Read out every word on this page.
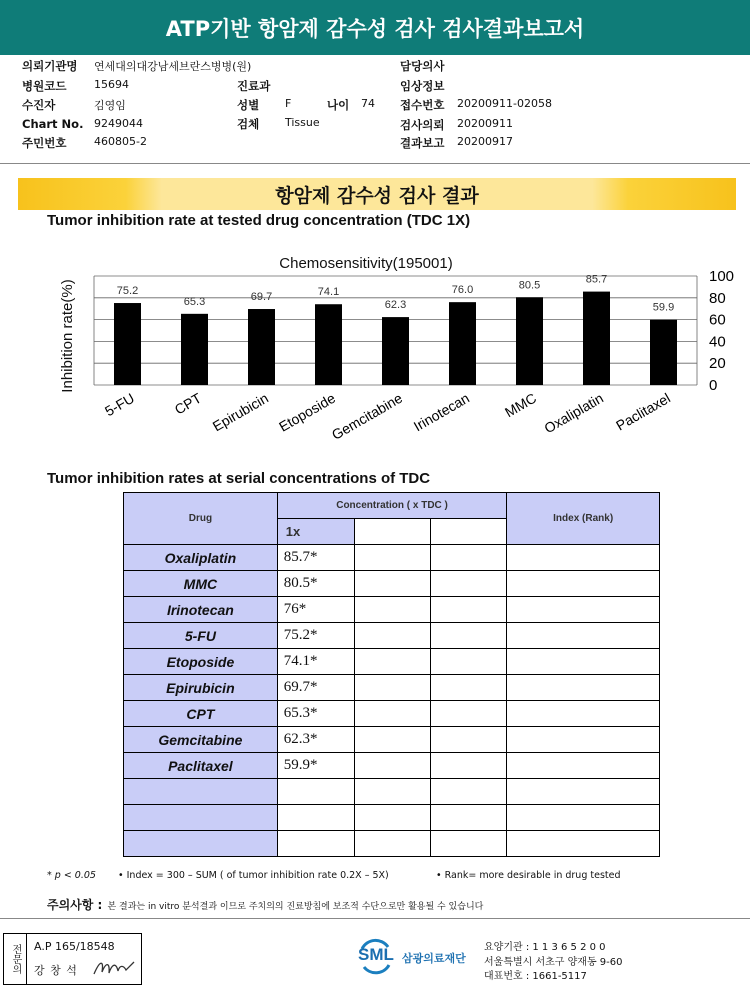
ATP기반 항암제 감수성 검사 검사결과보고서
의뢰기관명 연세대의대강남세브란스병병(원)
병원코드	15694
수진자	김영임
Chart No. 9249044
주민번호	460805-2
진료과
성별 F	나이 74
검체 Tissue
담당의사
임상정보
접수번호 20200911-02058
검사의뢰 20200911
결과보고 20200917
항암제 감수성 검사 결과
Tumor inhibition rate at tested drug concentration (TDC 1X)
Chemosensitivity(195001)
Inhibition rate(%)	0
20
40
60
80
100
75.2
65.3	69.7	74.1
62.3
76.0	80.5	85.7
59.9
5-FU CPT Epirubicin Etoposide
Gemcitabine Irinotecan MMC Oxaliplatin Paclitaxel
Tumor inhibition rates at serial concentrations of TDC
Drug	Concentration ( x TDC )			Index (Rank)
	1x			
Oxaliplatin	85.7*			
MMC	80.5*			
Irinotecan	76*			
5-FU	75.2*			
Etoposide	74.1*			
Epirubicin	69.7*			
CPT	65.3*			
Gemcitabine	62.3*			
Paclitaxel	59.9*			

* p < 0.05 • Index = 300 – SUM ( of tumor inhibition rate 0.2X – 5X)	• Rank= more desirable in drug tested
주의사항 : 본 결과는 in vitro 분석결과 이므로 주치의의 진료방침에 보조적 수단으로만 활용될 수 있습니다
전문의	A.P 165/18548
강 창 석
SML 삼광의료재단
요양기관 : 1 1 3 6 5 2 0 0
서울특별시 서초구 양재동 9-60
대표번호 : 1661-5117
